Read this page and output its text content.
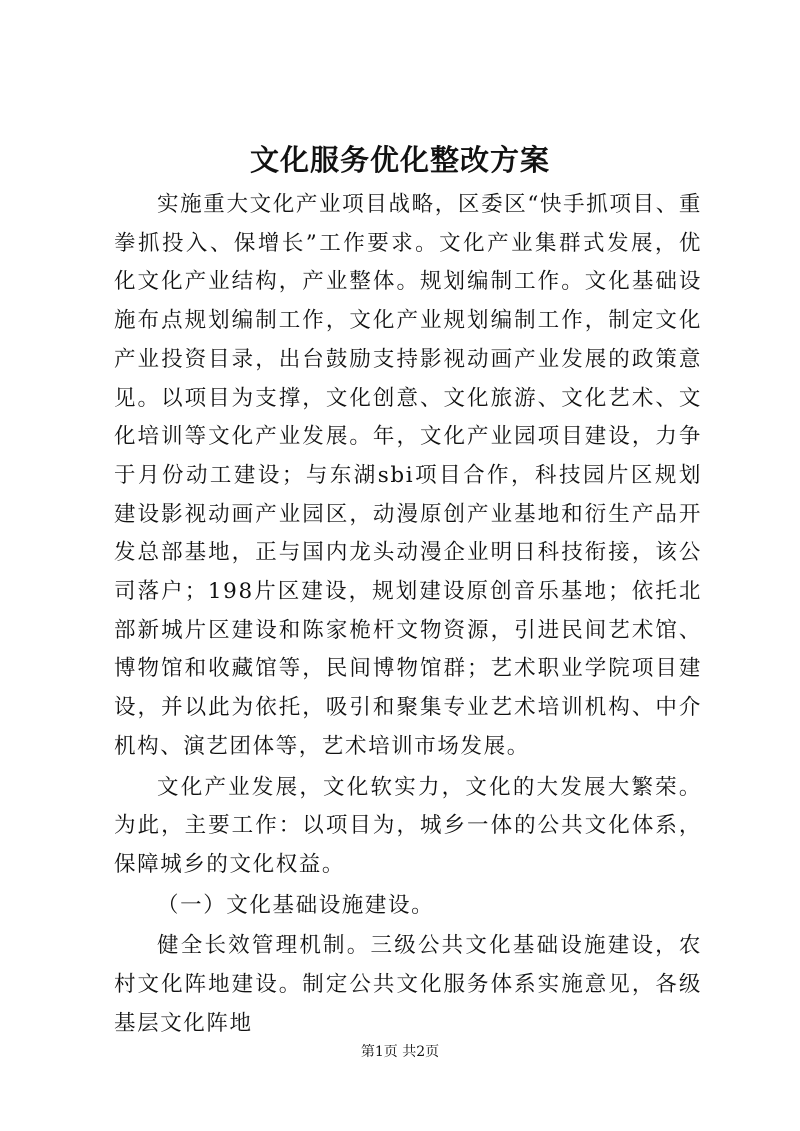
文化服务优化整改方案

实施重大文化产业项目战略，区委区“快手抓项目、重拳抓投入、保增长”工作要求。文化产业集群式发展，优化文化产业结构，产业整体。规划编制工作。文化基础设施布点规划编制工作，文化产业规划编制工作，制定文化产业投资目录，出台鼓励支持影视动画产业发展的政策意见。以项目为支撑，文化创意、文化旅游、文化艺术、文化培训等文化产业发展。年，文化产业园项目建设，力争于月份动工建设；与东湖sbi项目合作，科技园片区规划建设影视动画产业园区，动漫原创产业基地和衍生产品开发总部基地，正与国内龙头动漫企业明日科技衔接，该公司落户；198片区建设，规划建设原创音乐基地；依托北部新城片区建设和陈家桅杆文物资源，引进民间艺术馆、博物馆和收藏馆等，民间博物馆群；艺术职业学院项目建设，并以此为依托，吸引和聚集专业艺术培训机构、中介机构、演艺团体等，艺术培训市场发展。

文化产业发展，文化软实力，文化的大发展大繁荣。为此，主要工作：以项目为，城乡一体的公共文化体系，保障城乡的文化权益。

（一）文化基础设施建设。

健全长效管理机制。三级公共文化基础设施建设，农村文化阵地建设。制定公共文化服务体系实施意见，各级基层文化阵地

第1页 共2页
